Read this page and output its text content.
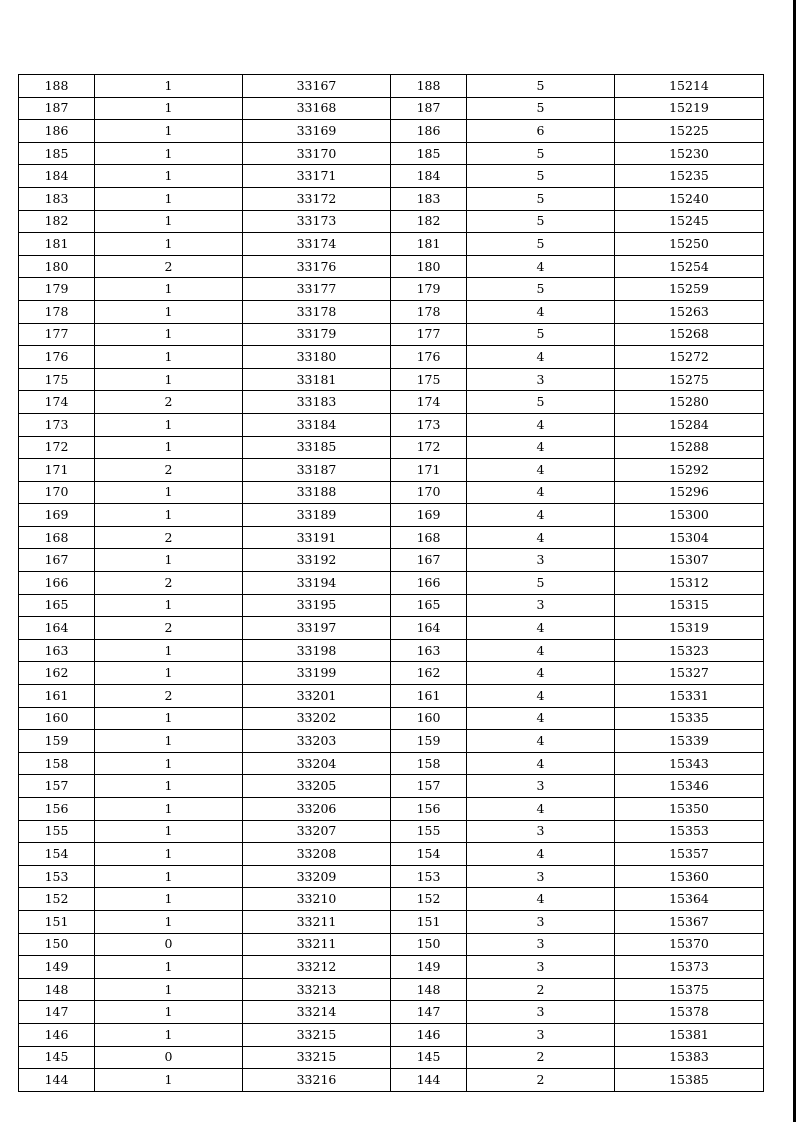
188	1	33167	188	5	15214
187	1	33168	187	5	15219
186	1	33169	186	6	15225
185	1	33170	185	5	15230
184	1	33171	184	5	15235
183	1	33172	183	5	15240
182	1	33173	182	5	15245
181	1	33174	181	5	15250
180	2	33176	180	4	15254
179	1	33177	179	5	15259
178	1	33178	178	4	15263
177	1	33179	177	5	15268
176	1	33180	176	4	15272
175	1	33181	175	3	15275
174	2	33183	174	5	15280
173	1	33184	173	4	15284
172	1	33185	172	4	15288
171	2	33187	171	4	15292
170	1	33188	170	4	15296
169	1	33189	169	4	15300
168	2	33191	168	4	15304
167	1	33192	167	3	15307
166	2	33194	166	5	15312
165	1	33195	165	3	15315
164	2	33197	164	4	15319
163	1	33198	163	4	15323
162	1	33199	162	4	15327
161	2	33201	161	4	15331
160	1	33202	160	4	15335
159	1	33203	159	4	15339
158	1	33204	158	4	15343
157	1	33205	157	3	15346
156	1	33206	156	4	15350
155	1	33207	155	3	15353
154	1	33208	154	4	15357
153	1	33209	153	3	15360
152	1	33210	152	4	15364
151	1	33211	151	3	15367
150	0	33211	150	3	15370
149	1	33212	149	3	15373
148	1	33213	148	2	15375
147	1	33214	147	3	15378
146	1	33215	146	3	15381
145	0	33215	145	2	15383
144	1	33216	144	2	15385
